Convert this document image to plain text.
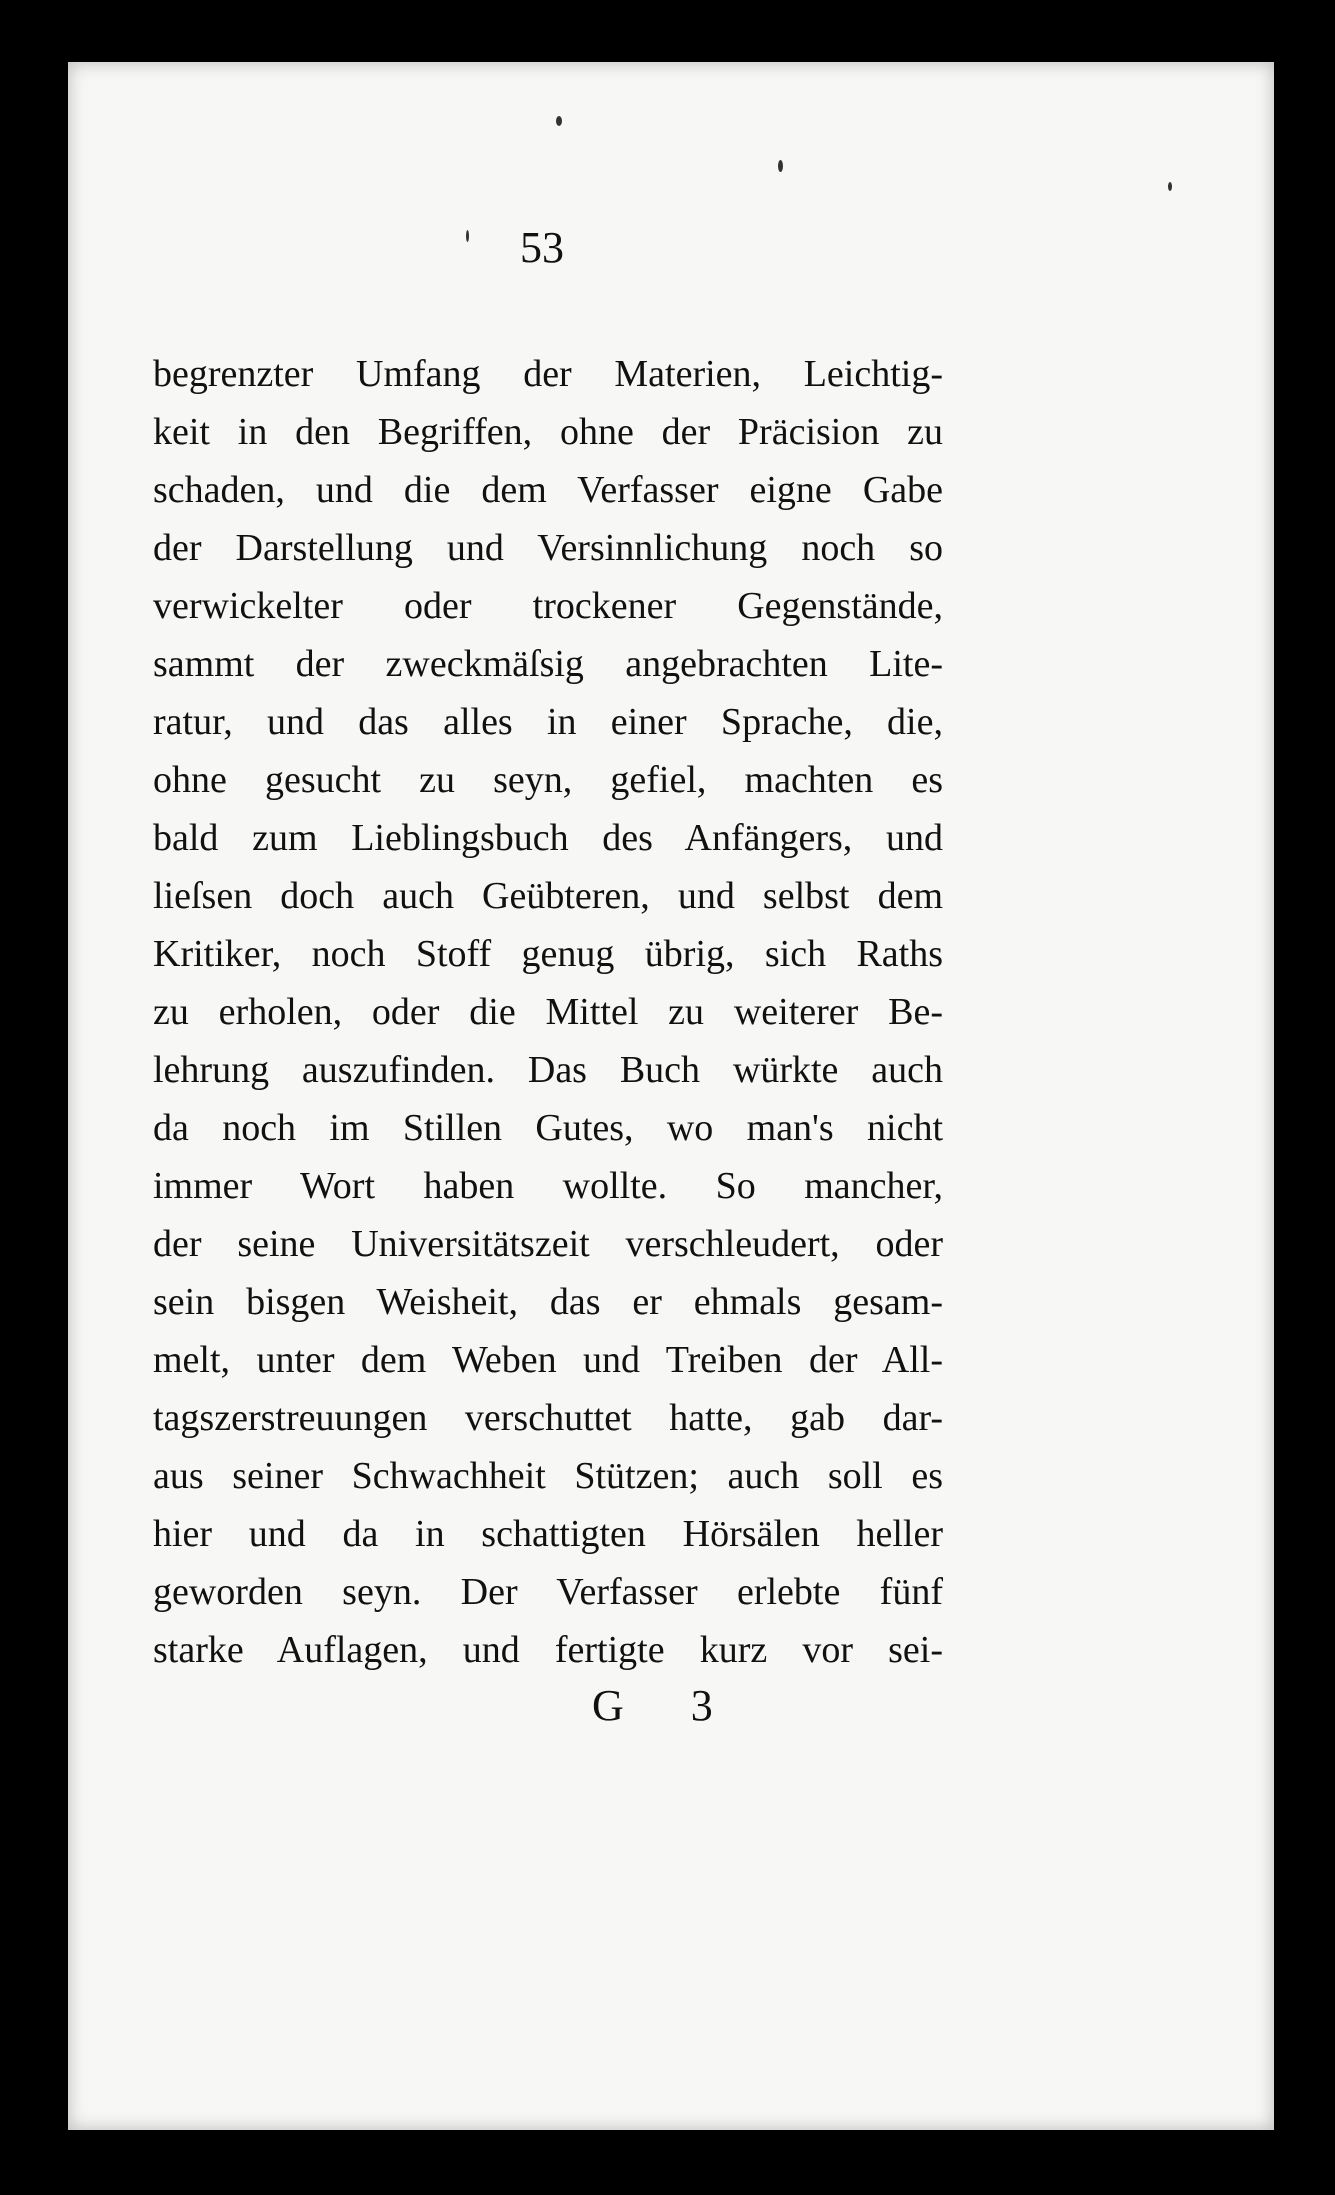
53
begrenzter Umfang der Materien, Leichtig-
keit in den Begriffen, ohne der Präcision zu
schaden, und die dem Verfasser eigne Gabe
der Darstellung und Versinnlichung noch so
verwickelter oder trockener Gegenstände,
sammt der zweckmäſsig angebrachten Lite-
ratur, und das alles in einer Sprache, die,
ohne gesucht zu seyn, gefiel, machten es
bald zum Lieblingsbuch des Anfängers, und
lieſsen doch auch Geübteren, und selbst dem
Kritiker, noch Stoff genug übrig, sich Raths
zu erholen, oder die Mittel zu weiterer Be-
lehrung auszufinden. Das Buch würkte auch
da noch im Stillen Gutes, wo man's nicht
immer Wort haben wollte. So mancher,
der seine Universitätszeit verschleudert, oder
sein bisgen Weisheit, das er ehmals gesam-
melt, unter dem Weben und Treiben der All-
tagszerstreuungen verschuttet hatte, gab dar-
aus seiner Schwachheit Stützen; auch soll es
hier und da in schattigten Hörsälen heller
geworden seyn. Der Verfasser erlebte fünf
starke Auflagen, und fertigte kurz vor sei-
G 3
